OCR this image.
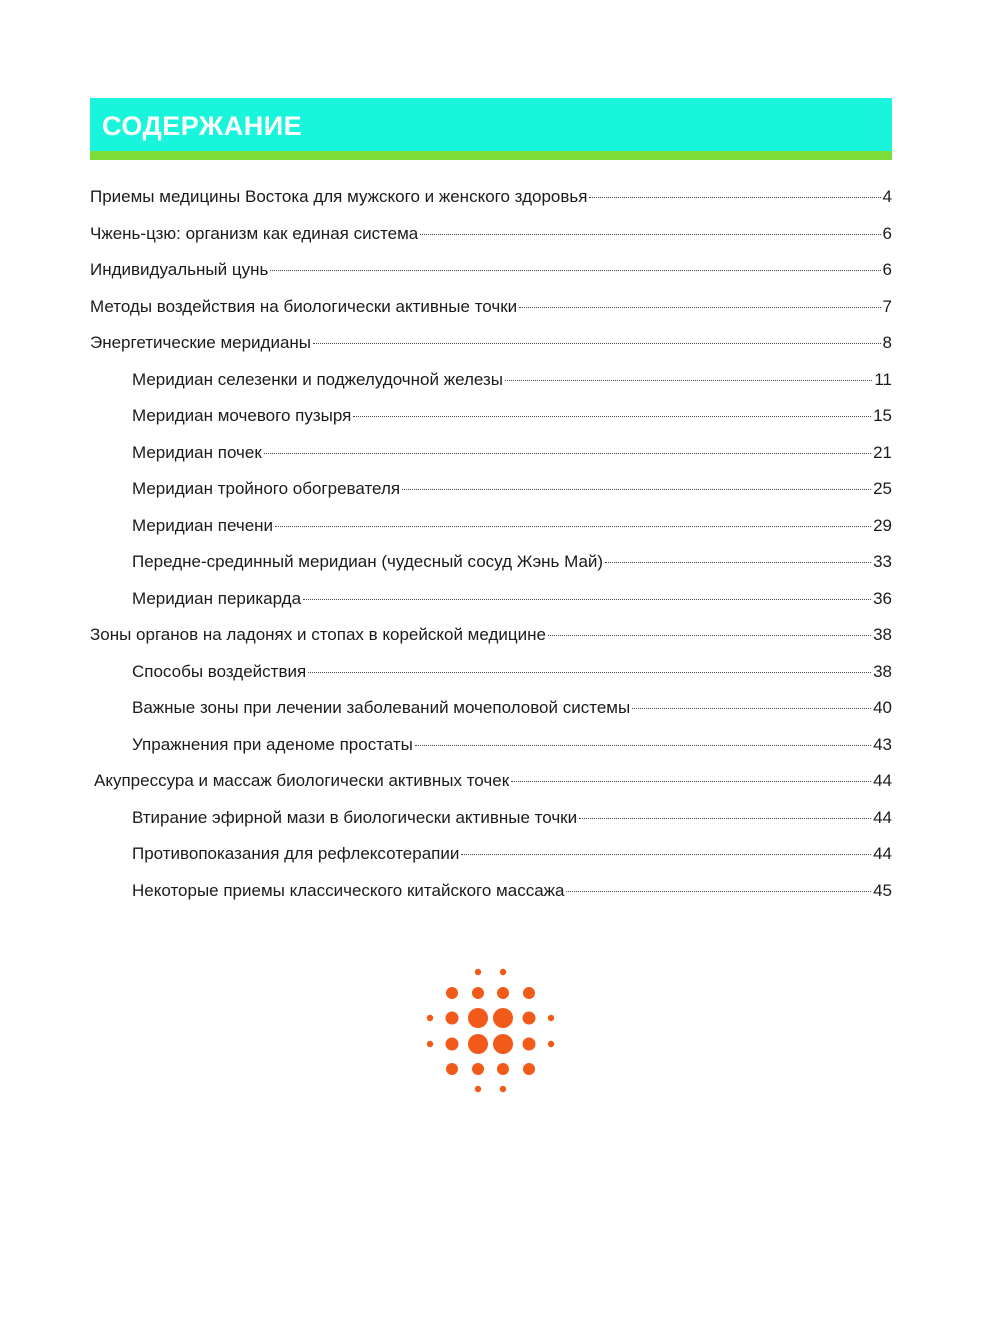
СОДЕРЖАНИЕ
Приемы медицины Востока для мужского и женского здоровья	4
Чжень-цзю: организм как единая система	6
Индивидуальный цунь	6
Методы воздействия на биологически активные точки	7
Энергетические меридианы	8
Меридиан селезенки и поджелудочной железы	11
Меридиан мочевого пузыря	15
Меридиан почек	21
Меридиан тройного обогревателя	25
Меридиан печени	29
Передне-срединный меридиан (чудесный сосуд Жэнь Май)	33
Меридиан перикарда	36
Зоны органов на ладонях и стопах в корейской медицине	38
Способы воздействия	38
Важные зоны при лечении заболеваний мочеполовой системы	40
Упражнения при аденоме простаты	43
Акупрессура и массаж биологически активных точек	44
Втирание эфирной мази в биологически активные точки	44
Противопоказания для рефлексотерапии	44
Некоторые приемы классического китайского массажа	45
